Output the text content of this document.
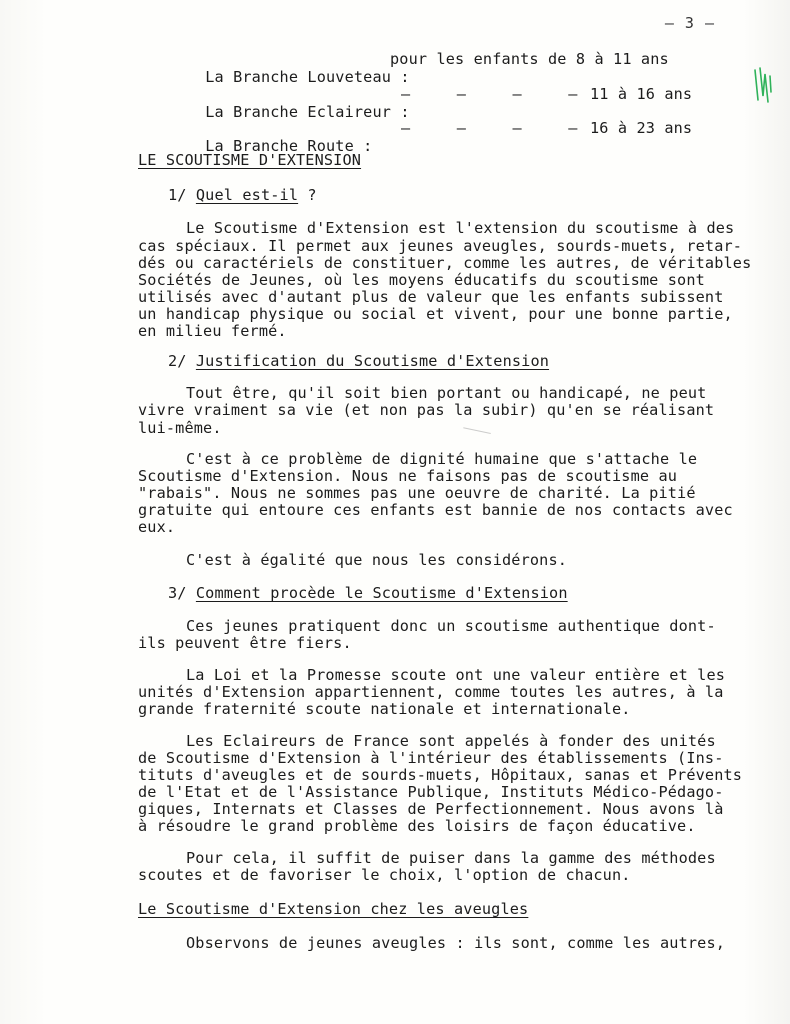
— 3 —

La Branche Louveteau :

pour les enfants de 8 à 11 ans

La Branche Eclaireur :

—     —     —     —

11 à 16 ans

La Branche Route :

—     —     —     —

16 à 23 ans

LE SCOUTISME D'EXTENSION
1/ Quel est-il ?
Le Scoutisme d'Extension est l'extension du scoutisme à des
cas spéciaux. Il permet aux jeunes aveugles, sourds-muets, retar-
dés ou caractériels de constituer, comme les autres, de véritables
Sociétés de Jeunes, où les moyens éducatifs du scoutisme sont
utilisés avec d'autant plus de valeur que les enfants subissent
un handicap physique ou social et vivent, pour une bonne partie,
en milieu fermé.
2/ Justification du Scoutisme d'Extension
Tout être, qu'il soit bien portant ou handicapé, ne peut
vivre vraiment sa vie (et non pas la subir) qu'en se réalisant
lui-même.
C'est à ce problème de dignité humaine que s'attache le
Scoutisme d'Extension. Nous ne faisons pas de scoutisme au
"rabais". Nous ne sommes pas une oeuvre de charité. La pitié
gratuite qui entoure ces enfants est bannie de nos contacts avec
eux.
C'est à égalité que nous les considérons.
3/ Comment procède le Scoutisme d'Extension
Ces jeunes pratiquent donc un scoutisme authentique dont-
ils peuvent être fiers.
La Loi et la Promesse scoute ont une valeur entière et les
unités d'Extension appartiennent, comme toutes les autres, à la
grande fraternité scoute nationale et internationale.
Les Eclaireurs de France sont appelés à fonder des unités
de Scoutisme d'Extension à l'intérieur des établissements (Ins-
tituts d'aveugles et de sourds-muets, Hôpitaux, sanas et Prévents
de l'Etat et de l'Assistance Publique, Instituts Médico-Pédago-
giques, Internats et Classes de Perfectionnement. Nous avons là
à résoudre le grand problème des loisirs de façon éducative.
Pour cela, il suffit de puiser dans la gamme des méthodes
scoutes et de favoriser le choix, l'option de chacun.
Le Scoutisme d'Extension chez les aveugles
Observons de jeunes aveugles : ils sont, comme les autres,
